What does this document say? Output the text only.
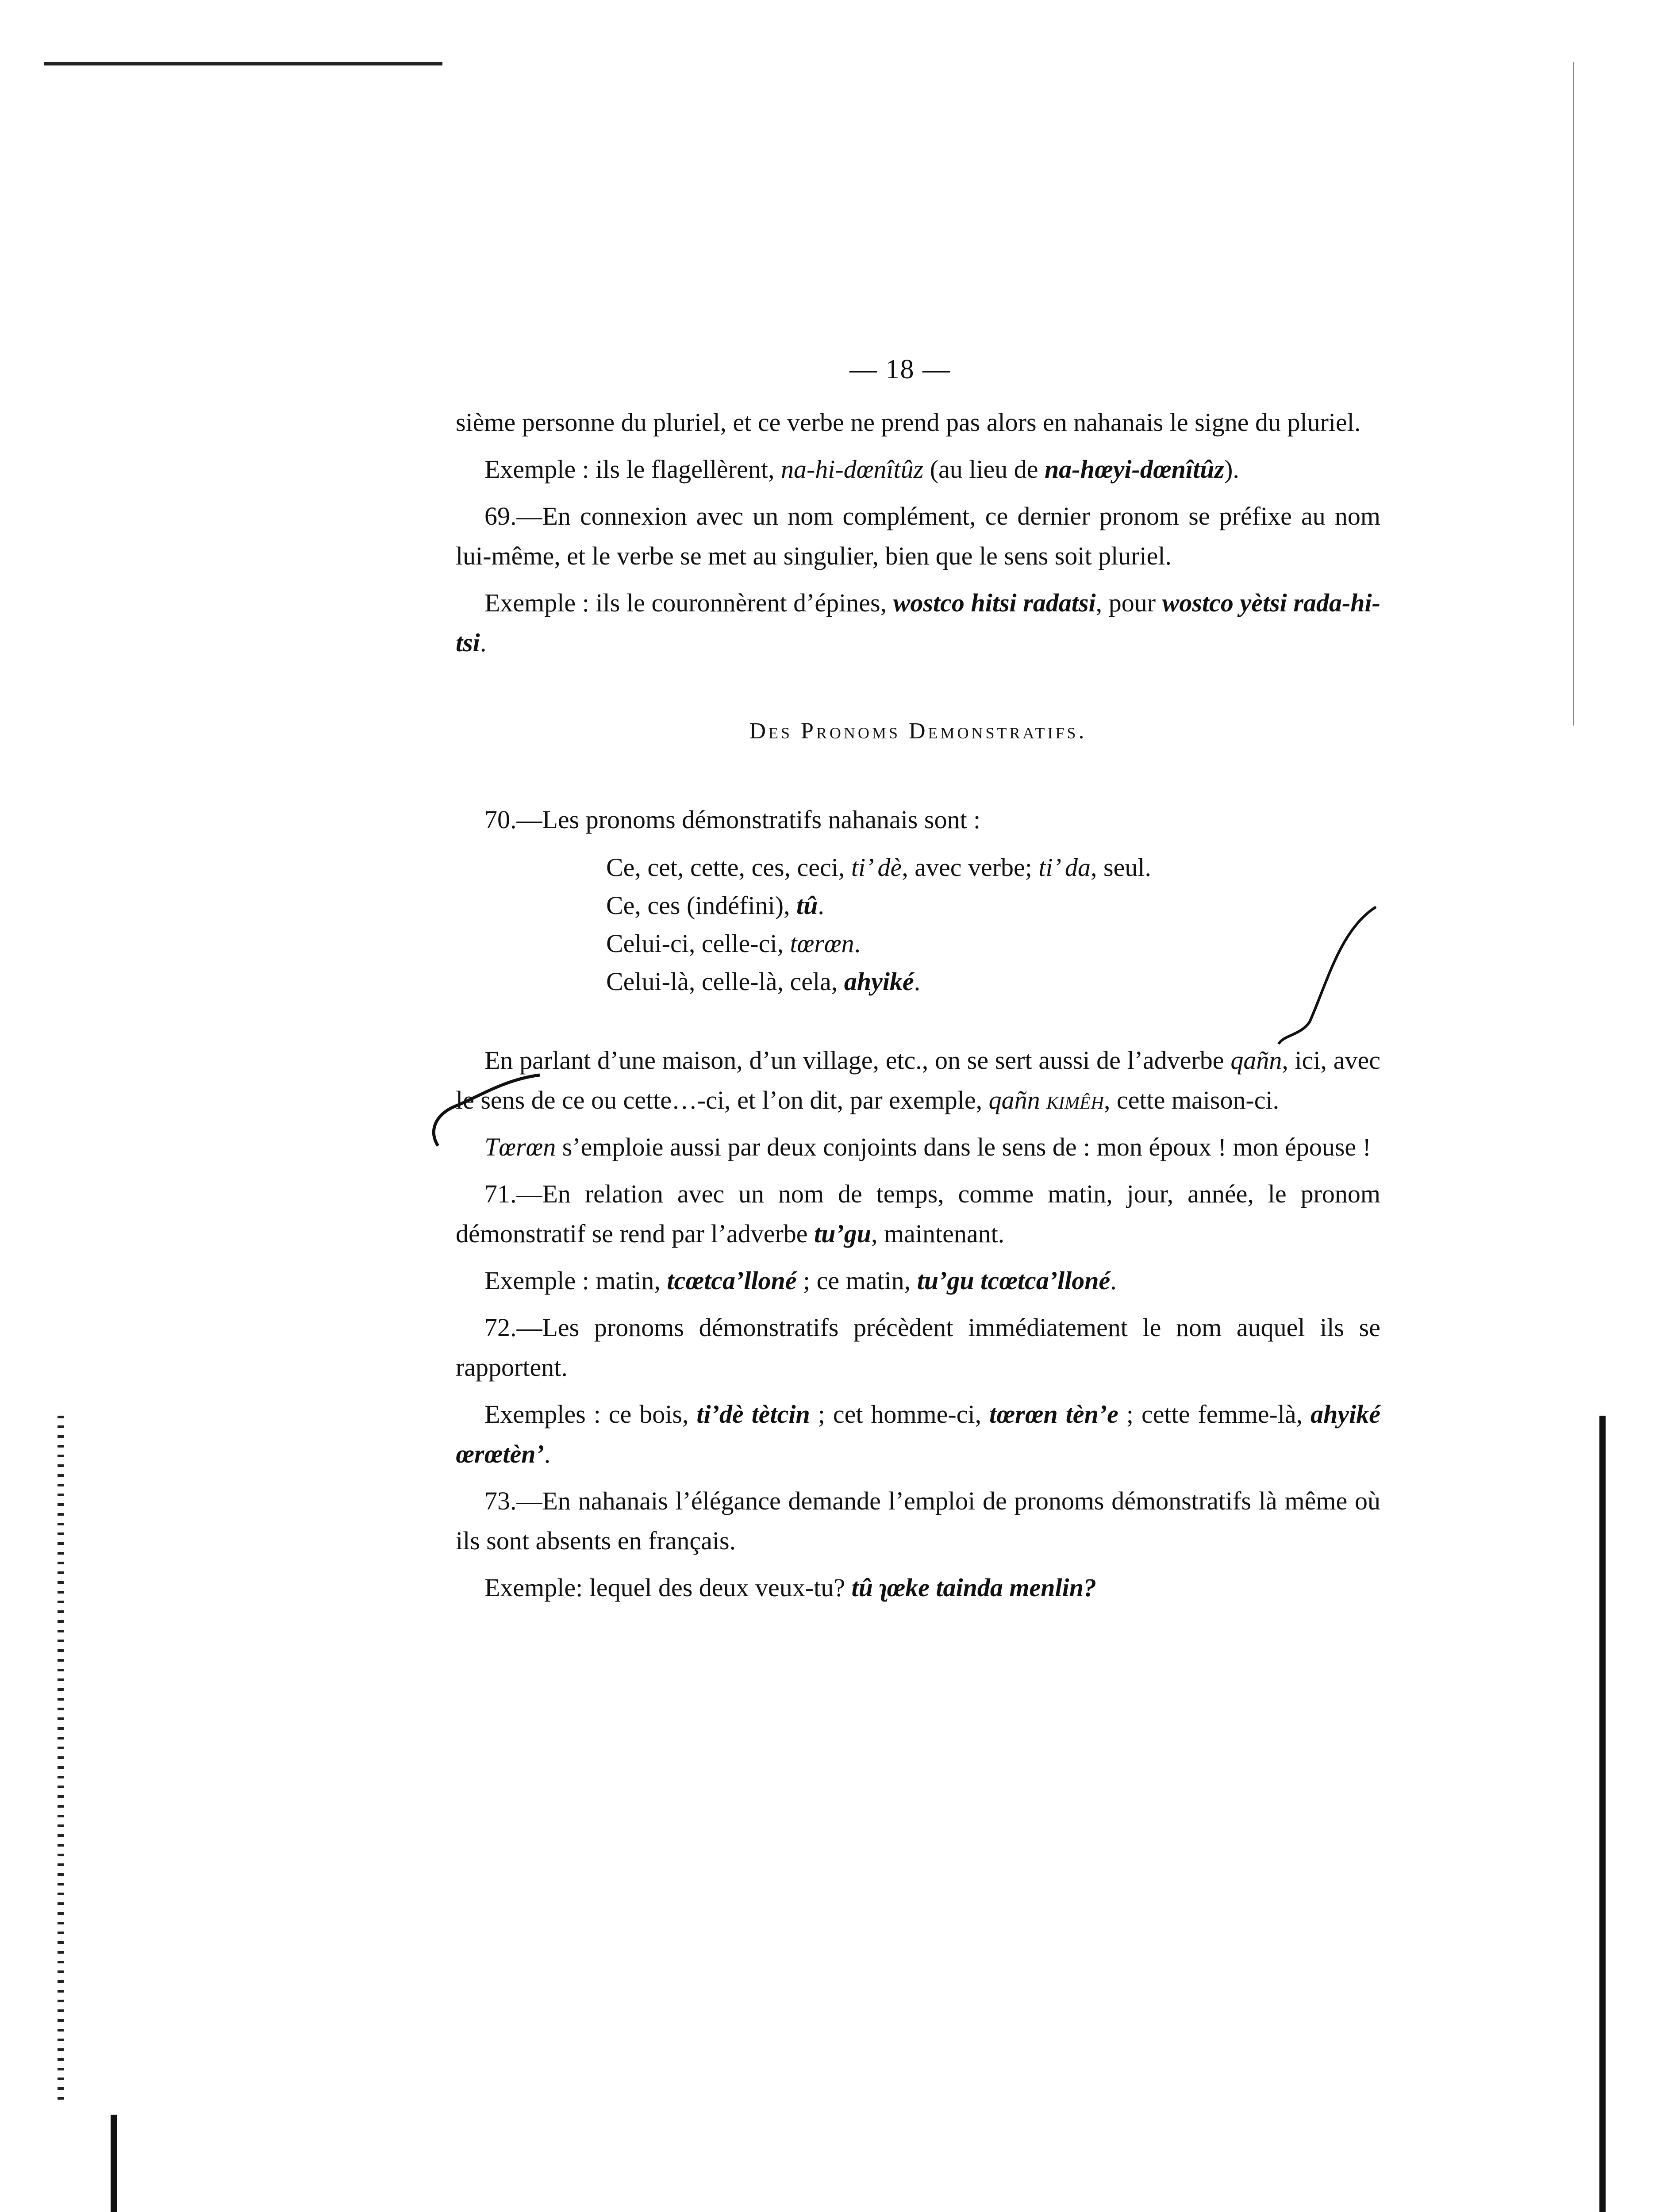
— 18 —

sième personne du pluriel, et ce verbe ne prend pas alors en nahanais le signe du pluriel.

Exemple : ils le flagellèrent, na-hi-dœnîtûz (au lieu de na-hœyi-dœnîtûz).

69.—En connexion avec un nom complément, ce dernier pronom se préfixe au nom lui-même, et le verbe se met au singulier, bien que le sens soit pluriel.

Exemple : ils le couronnèrent d’épines, wostco hitsi radatsi, pour wostco yètsi rada-hi-tsi.

Des Pronoms Demonstratifs.

70.—Les pronoms démonstratifs nahanais sont :

Ce, cet, cette, ces, ceci, ti’ dè, avec verbe; ti’ da, seul.
Ce, ces (indéfini), tû.
Celui-ci, celle-ci, tœrœn.
Celui-là, celle-là, cela, ahyiké.

En parlant d’une maison, d’un village, etc., on se sert aussi de l’adverbe qañn, ici, avec le sens de ce ou cette…-ci, et l’on dit, par exemple, qañn kimêh, cette maison-ci.

Tœrœn s’emploie aussi par deux conjoints dans le sens de : mon époux ! mon épouse !

71.—En relation avec un nom de temps, comme matin, jour, année, le pronom démonstratif se rend par l’adverbe tu’gu, maintenant.

Exemple : matin, tcœtca’lloné ; ce matin, tu’gu tcœtca’lloné.

72.—Les pronoms démonstratifs précèdent immédiatement le nom auquel ils se rapportent.

Exemples : ce bois, ti’dè tètcin ; cet homme-ci, tœrœn tèn’e ; cette femme-là, ahyiké œrœtèn’.

73.—En nahanais l’élégance demande l’emploi de pronoms démonstratifs là même où ils sont absents en français.

Exemple: lequel des deux veux-tu? tû ʅœke tainda menlin?
